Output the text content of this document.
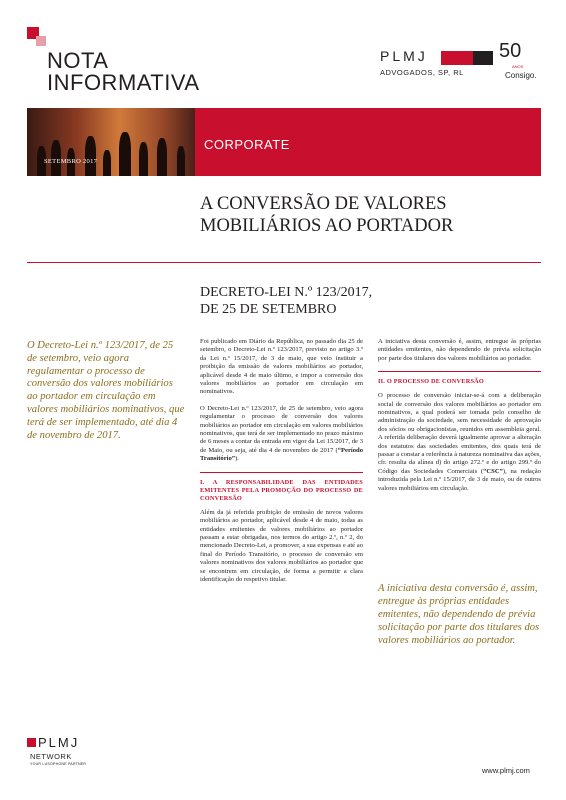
NOTA
INFORMATIVA
PLMJ
ADVOGADOS, SP, RL
50
ANOS
Consigo.
SETEMBRO 2017
CORPORATE
A CONVERSÃO DE VALORES MOBILIÁRIOS AO PORTADOR
DECRETO-LEI N.º 123/2017,
DE 25 DE SETEMBRO
O Decreto-Lei n.º 123/2017, de 25 de setembro, veio agora regulamentar o processo de conversão dos valores mobiliários ao portador em circulação em valores mobiliários nominativos, que terá de ser implementado, até dia 4 de novembro de 2017.

Foi publicado em Diário da República, no passado dia 25 de setembro, o Decreto-Lei n.º 123/2017, previsto no artigo 3.º da Lei n.º 15/2017, de 3 de maio, que veio instituir a proibição da emissão de valores mobiliários ao portador, aplicável desde 4 de maio último, e impor a conversão dos valores mobiliários ao portador em circulação em nominativos.

O Decreto-Lei n.º 123/2017, de 25 de setembro, veio agora regulamentar o processo de conversão dos valores mobiliários ao portador em circulação em valores mobiliários nominativos, que terá de ser implementado no prazo máximo de 6 meses a contar da entrada em vigor da Lei 15/2017, de 3 de Maio, ou seja, até dia 4 de novembro de 2017 (“Período Transitório”).

I. A RESPONSABILIDADE DAS ENTIDADES EMITENTES PELA PROMOÇÃO DO PROCESSO DE CONVERSÃO

Além da já referida proibição de emissão de novos valores mobiliários ao portador, aplicável desde 4 de maio, todas as entidades emitentes de valores mobiliários ao portador passam a estar obrigadas, nos termos do artigo 2.º, n.º 2, do mencionado Decreto-Lei, a promover, a sua expensas e até ao final do Período Transitório, o processo de conversão em valores nominativos dos valores mobiliários ao portador que se encontrem em circulação, de forma a permitir a clara identificação do respetivo titular.

A iniciativa desta conversão é, assim, entregue às próprias entidades emitentes, não dependendo de prévia solicitação por parte dos titulares dos valores mobiliários ao portador.

II. O PROCESSO DE CONVERSÃO

O processo de conversão iniciar-se-á com a deliberação social de conversão dos valores mobiliários ao portador em nominativos, a qual poderá ser tomada pelo conselho de administração da sociedade, sem necessidade de aprovação dos sócios ou obrigacionistas, reunidos em assembleia geral. A referida deliberação deverá igualmente aprovar a alteração dos estatutos das sociedades emitentes, dos quais terá de passar a constar a referência à natureza nominativa das ações, cfr. resulta da alínea d) do artigo 272.º e do artigo 299.º do Código das Sociedades Comerciais (“CSC”), na redação introduzida pela Lei n.º 15/2017, de 3 de maio, ou de outros valores mobiliários em circulação.

A iniciativa desta conversão é, assim, entregue às próprias entidades emitentes, não dependendo de prévia solicitação por parte dos titulares dos valores mobiliários ao portador.
PLMJ
NETWORK
YOUR LUSOPHONE PARTNER
www.plmj.com
